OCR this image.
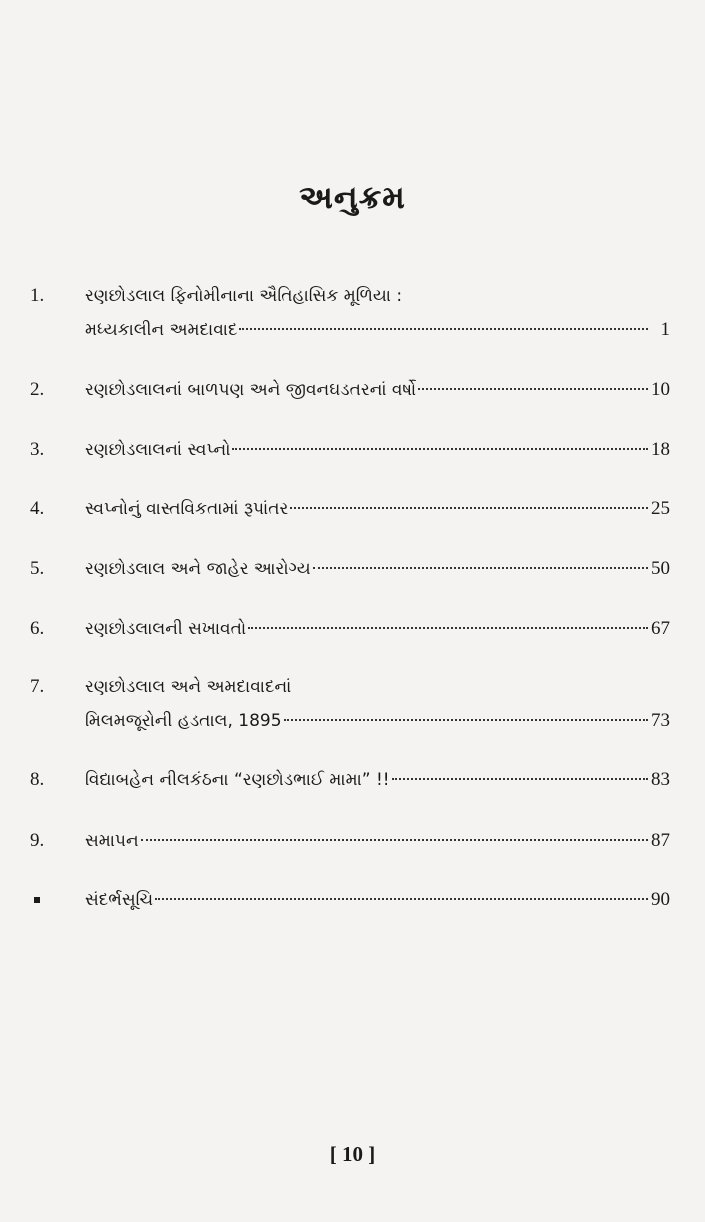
અનુક્રમ
1.	રણછોડલાલ ફિનોમીનાના ઐતિહાસિક મૂળિયા :
મધ્યકાલીન અમદાવાદ	1
2.	રણછોડલાલનાં બાળપણ અને જીવનઘડતરનાં વર્ષો	10
3.	રણછોડલાલનાં સ્વપ્નો	18
4.	સ્વપ્નોનું વાસ્તવિકતામાં રૂપાંતર	25
5.	રણછોડલાલ અને જાહેર આરોગ્ય	50
6.	રણછોડલાલની સખાવતો	67
7.	રણછોડલાલ અને અમદાવાદનાં
મિલમજૂરોની હડતાલ, 1895	73
8.	વિદ્યાબહેન નીલકંઠના “રણછોડભાઈ મામા” !!	83
9.	સમાપન	87
સંદર્ભસૂચિ	90
[ 10 ]
